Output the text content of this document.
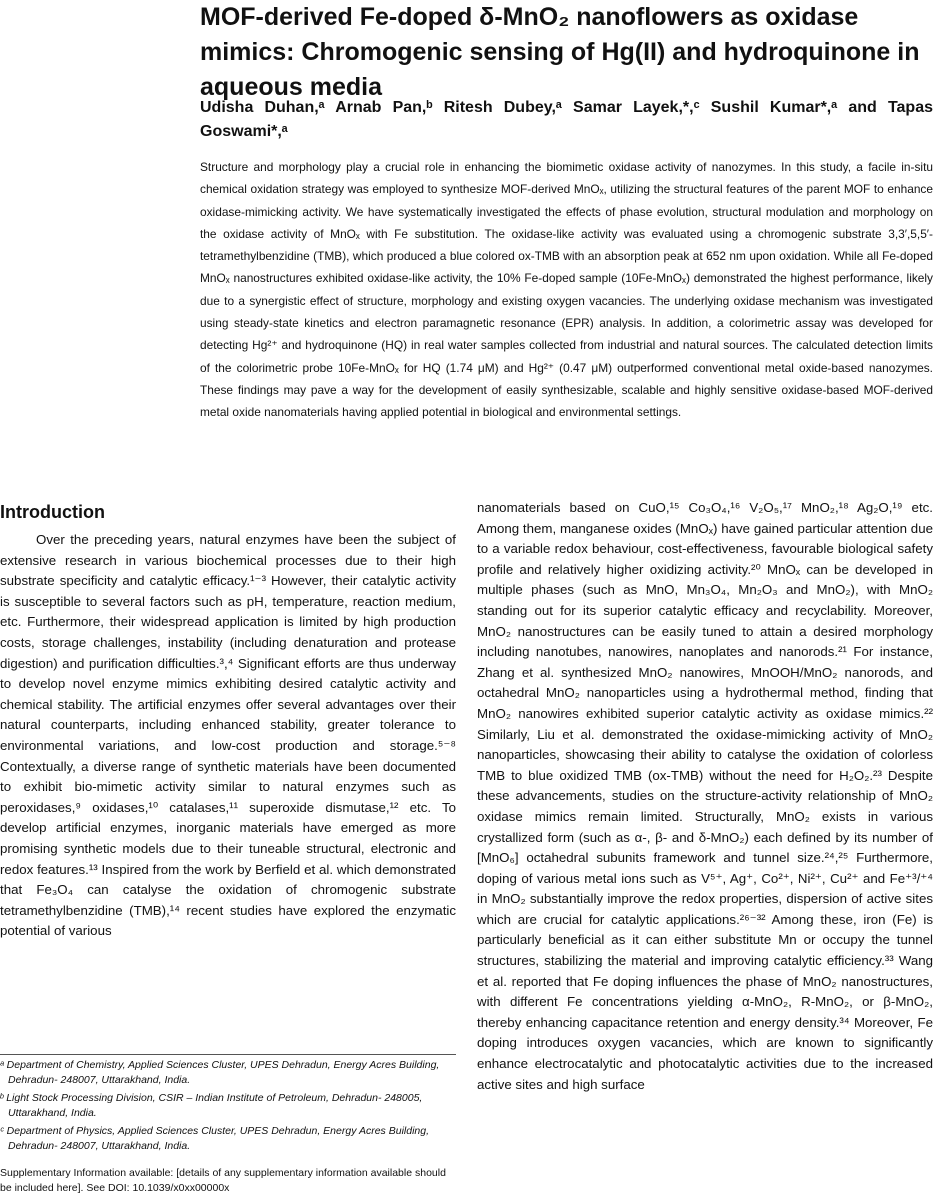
MOF-derived Fe-doped δ-MnO₂ nanoflowers as oxidase mimics: Chromogenic sensing of Hg(II) and hydroquinone in aqueous media
Udisha Duhan,ᵃ Arnab Pan,ᵇ Ritesh Dubey,ᵃ Samar Layek,*,ᶜ Sushil Kumar*,ᵃ and Tapas Goswami*,ᵃ
Structure and morphology play a crucial role in enhancing the biomimetic oxidase activity of nanozymes. In this study, a facile in-situ chemical oxidation strategy was employed to synthesize MOF-derived MnOₓ, utilizing the structural features of the parent MOF to enhance oxidase-mimicking activity. We have systematically investigated the effects of phase evolution, structural modulation and morphology on the oxidase activity of MnOₓ with Fe substitution. The oxidase-like activity was evaluated using a chromogenic substrate 3,3′,5,5′-tetramethylbenzidine (TMB), which produced a blue colored ox-TMB with an absorption peak at 652 nm upon oxidation. While all Fe-doped MnOₓ nanostructures exhibited oxidase-like activity, the 10% Fe-doped sample (10Fe-MnOₓ) demonstrated the highest performance, likely due to a synergistic effect of structure, morphology and existing oxygen vacancies. The underlying oxidase mechanism was investigated using steady-state kinetics and electron paramagnetic resonance (EPR) analysis. In addition, a colorimetric assay was developed for detecting Hg²⁺ and hydroquinone (HQ) in real water samples collected from industrial and natural sources. The calculated detection limits of the colorimetric probe 10Fe-MnOₓ for HQ (1.74 μM) and Hg²⁺ (0.47 μM) outperformed conventional metal oxide-based nanozymes. These findings may pave a way for the development of easily synthesizable, scalable and highly sensitive oxidase-based MOF-derived metal oxide nanomaterials having applied potential in biological and environmental settings.
Introduction

Over the preceding years, natural enzymes have been the subject of extensive research in various biochemical processes due to their high substrate specificity and catalytic efficacy.¹⁻³ However, their catalytic activity is susceptible to several factors such as pH, temperature, reaction medium, etc. Furthermore, their widespread application is limited by high production costs, storage challenges, instability (including denaturation and protease digestion) and purification difficulties.³,⁴ Significant efforts are thus underway to develop novel enzyme mimics exhibiting desired catalytic activity and chemical stability. The artificial enzymes offer several advantages over their natural counterparts, including enhanced stability, greater tolerance to environmental variations, and low-cost production and storage.⁵⁻⁸ Contextually, a diverse range of synthetic materials have been documented to exhibit bio-mimetic activity similar to natural enzymes such as peroxidases,⁹ oxidases,¹⁰ catalases,¹¹ superoxide dismutase,¹² etc. To develop artificial enzymes, inorganic materials have emerged as more promising synthetic models due to their tuneable structural, electronic and redox features.¹³ Inspired from the work by Berfield et al. which demonstrated that Fe₃O₄ can catalyse the oxidation of chromogenic substrate tetramethylbenzidine (TMB),¹⁴ recent studies have explored the enzymatic potential of various

nanomaterials based on CuO,¹⁵ Co₃O₄,¹⁶ V₂O₅,¹⁷ MnO₂,¹⁸ Ag₂O,¹⁹ etc. Among them, manganese oxides (MnOₓ) have gained particular attention due to a variable redox behaviour, cost-effectiveness, favourable biological safety profile and relatively higher oxidizing activity.²⁰ MnOₓ can be developed in multiple phases (such as MnO, Mn₃O₄, Mn₂O₃ and MnO₂), with MnO₂ standing out for its superior catalytic efficacy and recyclability. Moreover, MnO₂ nanostructures can be easily tuned to attain a desired morphology including nanotubes, nanowires, nanoplates and nanorods.²¹ For instance, Zhang et al. synthesized MnO₂ nanowires, MnOOH/MnO₂ nanorods, and octahedral MnO₂ nanoparticles using a hydrothermal method, finding that MnO₂ nanowires exhibited superior catalytic activity as oxidase mimics.²² Similarly, Liu et al. demonstrated the oxidase-mimicking activity of MnO₂ nanoparticles, showcasing their ability to catalyse the oxidation of colorless TMB to blue oxidized TMB (ox-TMB) without the need for H₂O₂.²³ Despite these advancements, studies on the structure-activity relationship of MnO₂ oxidase mimics remain limited. Structurally, MnO₂ exists in various crystallized form (such as α-, β- and δ-MnO₂) each defined by its number of [MnO₆] octahedral subunits framework and tunnel size.²⁴,²⁵ Furthermore, doping of various metal ions such as V⁵⁺, Ag⁺, Co²⁺, Ni²⁺, Cu²⁺ and Fe⁺³/⁺⁴ in MnO₂ substantially improve the redox properties, dispersion of active sites which are crucial for catalytic applications.²⁶⁻³² Among these, iron (Fe) is particularly beneficial as it can either substitute Mn or occupy the tunnel structures, stabilizing the material and improving catalytic efficiency.³³ Wang et al. reported that Fe doping influences the phase of MnO₂ nanostructures, with different Fe concentrations yielding α-MnO₂, R-MnO₂, or β-MnO₂, thereby enhancing capacitance retention and energy density.³⁴ Moreover, Fe doping introduces oxygen vacancies, which are known to significantly enhance electrocatalytic and photocatalytic activities due to the increased active sites and high surface

ᵃ Department of Chemistry, Applied Sciences Cluster, UPES Dehradun, Energy Acres Building, Dehradun- 248007, Uttarakhand, India.

ᵇ Light Stock Processing Division, CSIR – Indian Institute of Petroleum, Dehradun- 248005, Uttarakhand, India.

ᶜ Department of Physics, Applied Sciences Cluster, UPES Dehradun, Energy Acres Building, Dehradun- 248007, Uttarakhand, India.

Supplementary Information available: [details of any supplementary information available should be included here]. See DOI: 10.1039/x0xx00000x
